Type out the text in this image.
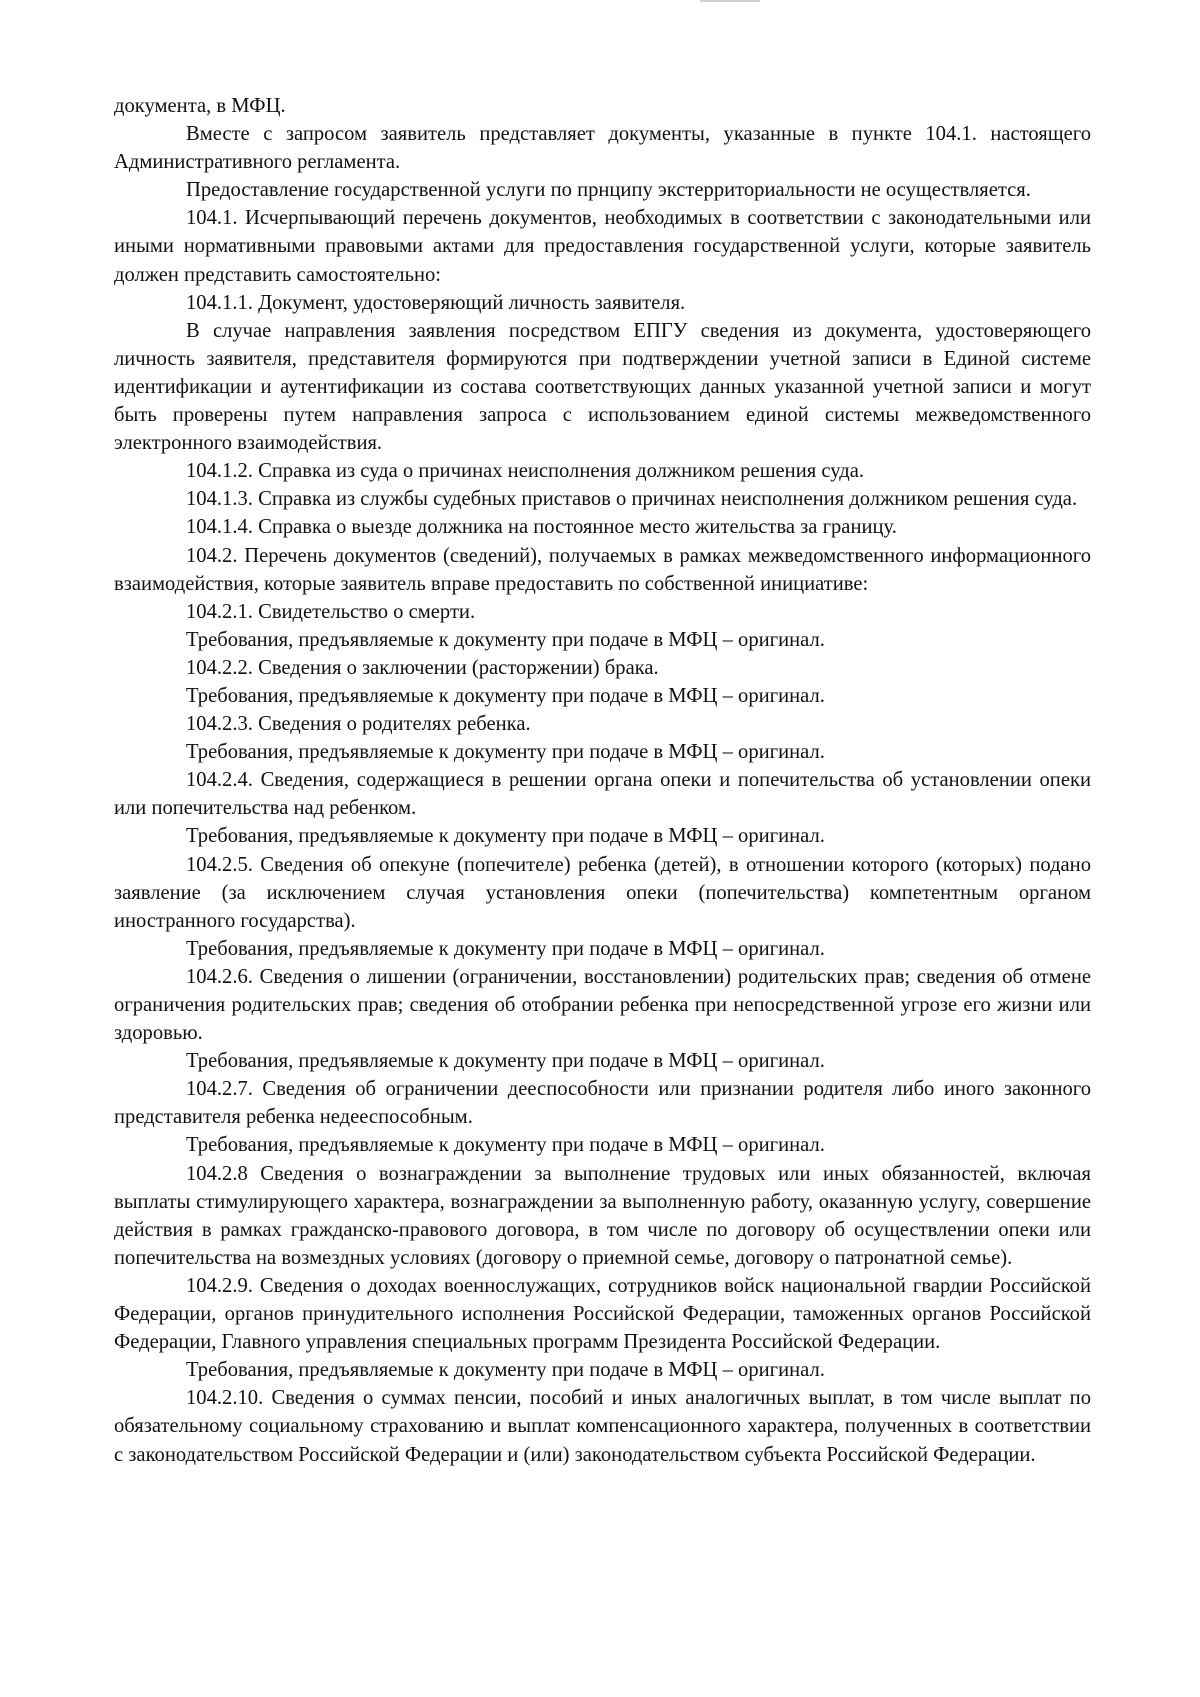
документа, в МФЦ.

Вместе с запросом заявитель представляет документы, указанные в пункте 104.1. настоящего Административного регламента.

Предоставление государственной услуги по прнципу экстерриториальности не осуществляется.

104.1. Исчерпывающий перечень документов, необходимых в соответствии с законодательными или иными нормативными правовыми актами для предоставления государственной услуги, которые заявитель должен представить самостоятельно:

104.1.1. Документ, удостоверяющий личность заявителя.

В случае направления заявления посредством ЕПГУ сведения из документа, удостоверяющего личность заявителя, представителя формируются при подтверждении учетной записи в Единой системе идентификации и аутентификации из состава соответствующих данных указанной учетной записи и могут быть проверены путем направления запроса с использованием единой системы межведомственного электронного взаимодействия.

104.1.2. Справка из суда о причинах неисполнения должником решения суда.

104.1.3. Справка из службы судебных приставов о причинах неисполнения должником решения суда.

104.1.4. Справка о выезде должника на постоянное место жительства за границу.

104.2. Перечень документов (сведений), получаемых в рамках межведомственного информационного взаимодействия, которые заявитель вправе предоставить по собственной инициативе:

104.2.1. Свидетельство о смерти.

Требования, предъявляемые к документу при подаче в МФЦ – оригинал.

104.2.2. Сведения о заключении (расторжении) брака.

Требования, предъявляемые к документу при подаче в МФЦ – оригинал.

104.2.3. Сведения о родителях ребенка.

Требования, предъявляемые к документу при подаче в МФЦ – оригинал.

104.2.4. Сведения, содержащиеся в решении органа опеки и попечительства об установлении опеки или попечительства над ребенком.

Требования, предъявляемые к документу при подаче в МФЦ – оригинал.

104.2.5. Сведения об опекуне (попечителе) ребенка (детей), в отношении которого (которых) подано заявление (за исключением случая установления опеки (попечительства) компетентным органом иностранного государства).

Требования, предъявляемые к документу при подаче в МФЦ – оригинал.

104.2.6. Сведения о лишении (ограничении, восстановлении) родительских прав; сведения об отмене ограничения родительских прав; сведения об отобрании ребенка при непосредственной угрозе его жизни или здоровью.

Требования, предъявляемые к документу при подаче в МФЦ – оригинал.

104.2.7. Сведения об ограничении дееспособности или признании родителя либо иного законного представителя ребенка недееспособным.

Требования, предъявляемые к документу при подаче в МФЦ – оригинал.

104.2.8 Сведения о вознаграждении за выполнение трудовых или иных обязанностей, включая выплаты стимулирующего характера, вознаграждении за выполненную работу, оказанную услугу, совершение действия в рамках гражданско-правового договора, в том числе по договору об осуществлении опеки или попечительства на возмездных условиях (договору о приемной семье, договору о патронатной семье).

104.2.9. Сведения о доходах военнослужащих, сотрудников войск национальной гвардии Российской Федерации, органов принудительного исполнения Российской Федерации, таможенных органов Российской Федерации, Главного управления специальных программ Президента Российской Федерации.

Требования, предъявляемые к документу при подаче в МФЦ – оригинал.

104.2.10. Сведения о суммах пенсии, пособий и иных аналогичных выплат, в том числе выплат по обязательному социальному страхованию и выплат компенсационного характера, полученных в соответствии с законодательством Российской Федерации и (или) законодательством субъекта Российской Федерации.
